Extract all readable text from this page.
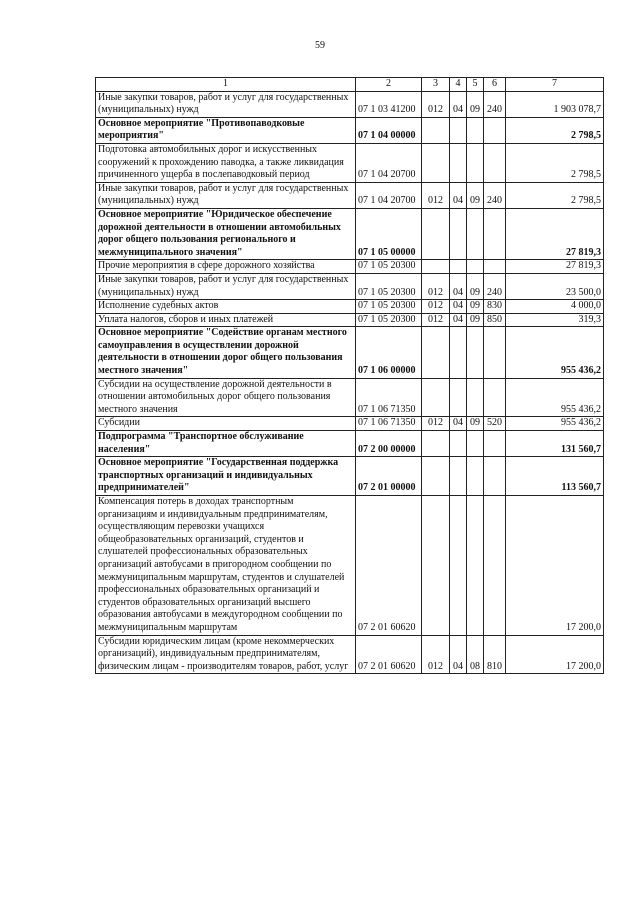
59
1	2	3	4	5	6	7
Иные закупки товаров, работ и услуг для государственных (муниципальных) нужд	07 1 03 41200	012	04	09	240	1 903 078,7
Основное мероприятие "Противопаводковые мероприятия"	07 1 04 00000					2 798,5
Подготовка автомобильных дорог и искусственных сооружений к прохождению паводка, а также ликвидация причиненного ущерба в послепаводковый период	07 1 04 20700					2 798,5
Иные закупки товаров, работ и услуг для государственных (муниципальных) нужд	07 1 04 20700	012	04	09	240	2 798,5
Основное мероприятие "Юридическое обеспечение дорожной деятельности в отношении автомобильных дорог общего пользования регионального и межмуниципального значения"	07 1 05 00000					27 819,3
Прочие мероприятия в сфере дорожного хозяйства	07 1 05 20300					27 819,3
Иные закупки товаров, работ и услуг для государственных (муниципальных) нужд	07 1 05 20300	012	04	09	240	23 500,0
Исполнение судебных актов	07 1 05 20300	012	04	09	830	4 000,0
Уплата налогов, сборов и иных платежей	07 1 05 20300	012	04	09	850	319,3
Основное мероприятие "Содействие органам местного самоуправления в осуществлении дорожной деятельности в отношении дорог общего пользования местного значения"	07 1 06 00000					955 436,2
Субсидии на осуществление дорожной деятельности в отношении автомобильных дорог общего пользования местного значения	07 1 06 71350					955 436,2
Субсидии	07 1 06 71350	012	04	09	520	955 436,2
Подпрограмма "Транспортное обслуживание населения"	07 2 00 00000					131 560,7
Основное мероприятие "Государственная поддержка транспортных организаций и индивидуальных предпринимателей"	07 2 01 00000					113 560,7
Компенсация потерь в доходах транспортным организациям и индивидуальным предпринимателям, осуществляющим перевозки учащихся общеобразовательных организаций, студентов и слушателей профессиональных образовательных организаций автобусами в пригородном сообщении по межмуниципальным маршрутам, студентов и слушателей профессиональных образовательных организаций и студентов образовательных организаций высшего образования автобусами в междугородном сообщении по межмуниципальным маршрутам	07 2 01 60620					17 200,0
Субсидии юридическим лицам (кроме некоммерческих организаций), индивидуальным предпринимателям, физическим лицам - производителям товаров, работ, услуг	07 2 01 60620	012	04	08	810	17 200,0
